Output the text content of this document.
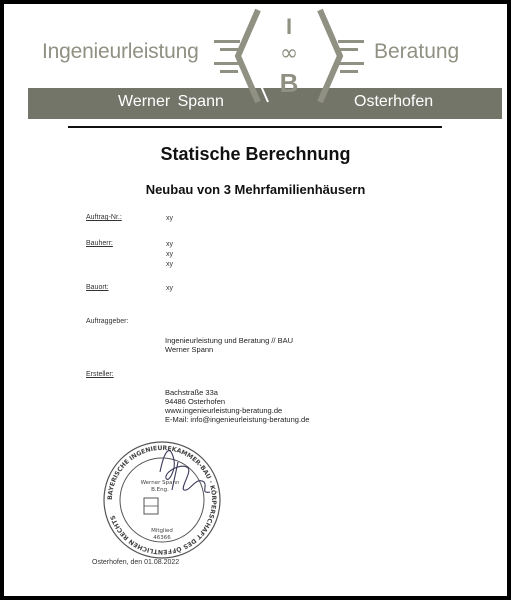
Ingenieurleistung	Beratung
Werner Spann	Osterhofen
I
∞
B
Statische Berechnung
Neubau von 3 Mehrfamilienhäusern
Auftrag-Nr.:	xy
Bauherr:	xy
xy
xy
Bauort:	xy
Auftraggeber:
Ingenieurleistung und Beratung // BAU
Werner Spann
Ersteller:
Bachstraße 33a
94486 Osterhofen
www.ingenieurleistung-beratung.de
E-Mail: info@ingenieurleistung-beratung.de
BAYERISCHE INGENIEUREKAMMER-BAU · KÖRPERSCHAFT DES ÖFFENTLICHEN RECHTS
Werner Spann
B.Eng.
Mitglied
46366
Osterhofen, den 01.08.2022
